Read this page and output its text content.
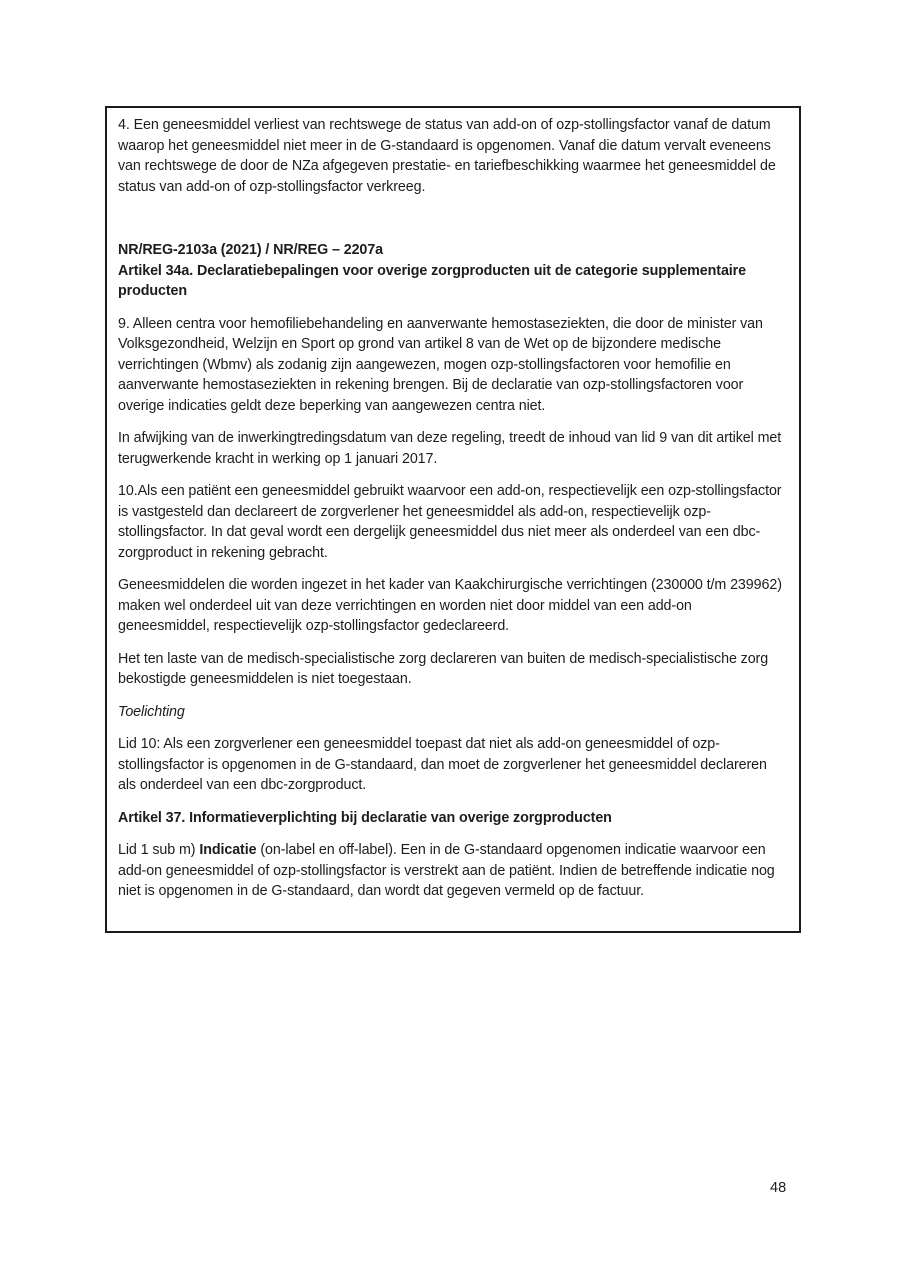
4. Een geneesmiddel verliest van rechtswege de status van add-on of ozp-stollingsfactor vanaf de datum waarop het geneesmiddel niet meer in de G-standaard is opgenomen. Vanaf die datum vervalt eveneens van rechtswege de door de NZa afgegeven prestatie- en tariefbeschikking waarmee het geneesmiddel de status van add-on of ozp-stollingsfactor verkreeg.

NR/REG-2103a (2021) / NR/REG – 2207a

Artikel 34a. Declaratiebepalingen voor overige zorgproducten uit de categorie supplementaire producten

9. Alleen centra voor hemofiliebehandeling en aanverwante hemostaseziekten, die door de minister van Volksgezondheid, Welzijn en Sport op grond van artikel 8 van de Wet op de bijzondere medische verrichtingen (Wbmv) als zodanig zijn aangewezen, mogen ozp-stollingsfactoren voor hemofilie en aanverwante hemostaseziekten in rekening brengen. Bij de declaratie van ozp-stollingsfactoren voor overige indicaties geldt deze beperking van aangewezen centra niet.

In afwijking van de inwerkingtredingsdatum van deze regeling, treedt de inhoud van lid 9 van dit artikel met terugwerkende kracht in werking op 1 januari 2017.

10.Als een patiënt een geneesmiddel gebruikt waarvoor een add-on, respectievelijk een ozp-stollingsfactor is vastgesteld dan declareert de zorgverlener het geneesmiddel als add-on, respectievelijk ozp-stollingsfactor. In dat geval wordt een dergelijk geneesmiddel dus niet meer als onderdeel van een dbc-zorgproduct in rekening gebracht.

Geneesmiddelen die worden ingezet in het kader van Kaakchirurgische verrichtingen (230000 t/m 239962) maken wel onderdeel uit van deze verrichtingen en worden niet door middel van een add-on geneesmiddel, respectievelijk ozp-stollingsfactor gedeclareerd.

Het ten laste van de medisch-specialistische zorg declareren van buiten de medisch-specialistische zorg bekostigde geneesmiddelen is niet toegestaan.

Toelichting

Lid 10: Als een zorgverlener een geneesmiddel toepast dat niet als add-on geneesmiddel of ozp-stollingsfactor is opgenomen in de G-standaard, dan moet de zorgverlener het geneesmiddel declareren als onderdeel van een dbc-zorgproduct.

Artikel 37. Informatieverplichting bij declaratie van overige zorgproducten

Lid 1 sub m) Indicatie (on-label en off-label). Een in de G-standaard opgenomen indicatie waarvoor een add-on geneesmiddel of ozp-stollingsfactor is verstrekt aan de patiënt. Indien de betreffende indicatie nog niet is opgenomen in de G-standaard, dan wordt dat gegeven vermeld op de factuur.

48
